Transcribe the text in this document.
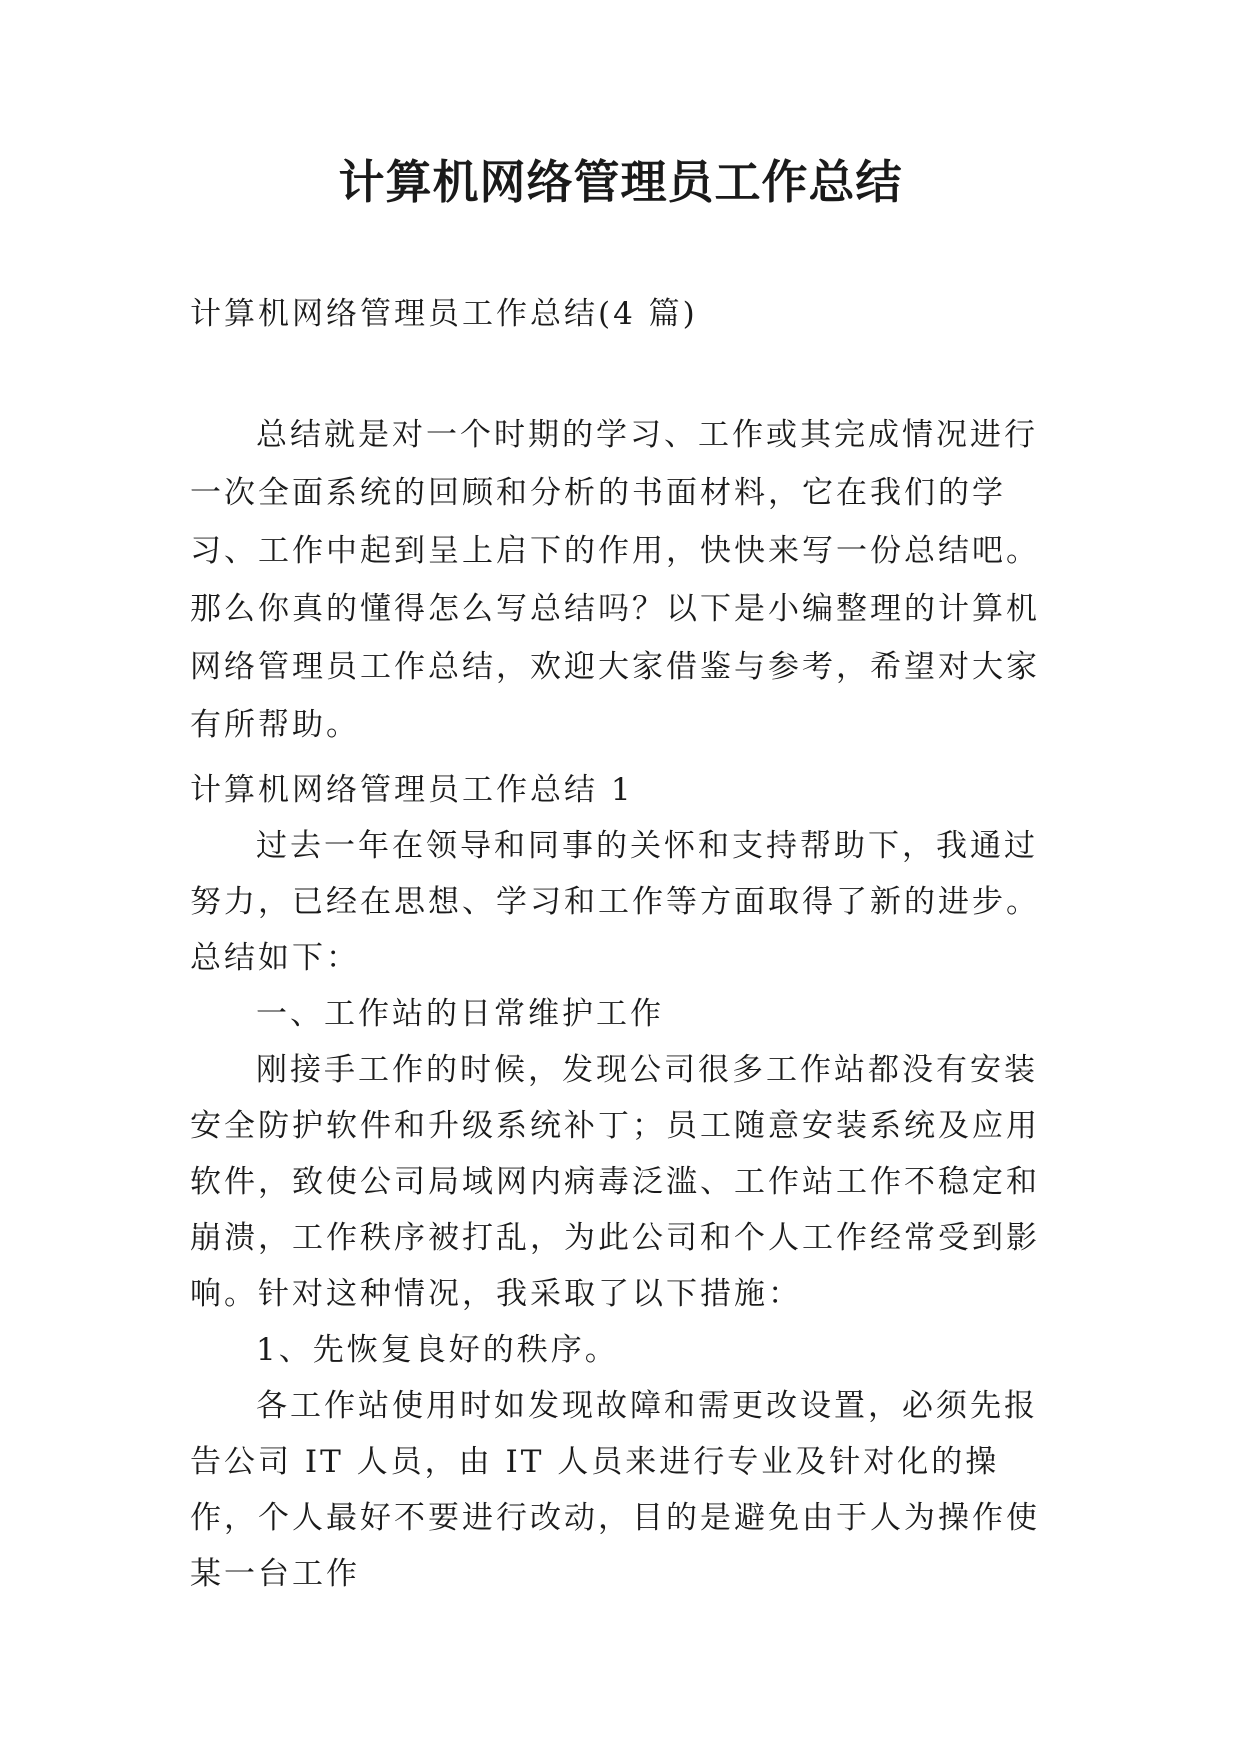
计算机网络管理员工作总结

计算机网络管理员工作总结(4 篇)

总结就是对一个时期的学习、工作或其完成情况进行一次全面系统的回顾和分析的书面材料，它在我们的学习、工作中起到呈上启下的作用，快快来写一份总结吧。那么你真的懂得怎么写总结吗？以下是小编整理的计算机网络管理员工作总结，欢迎大家借鉴与参考，希望对大家有所帮助。

计算机网络管理员工作总结 1

过去一年在领导和同事的关怀和支持帮助下，我通过努力，已经在思想、学习和工作等方面取得了新的进步。总结如下：

一、工作站的日常维护工作

刚接手工作的时候，发现公司很多工作站都没有安装安全防护软件和升级系统补丁；员工随意安装系统及应用软件，致使公司局域网内病毒泛滥、工作站工作不稳定和崩溃，工作秩序被打乱，为此公司和个人工作经常受到影响。针对这种情况，我采取了以下措施：

1、先恢复良好的秩序。

各工作站使用时如发现故障和需更改设置，必须先报告公司 IT 人员，由 IT 人员来进行专业及针对化的操作，个人最好不要进行改动，目的是避免由于人为操作使某一台工作
